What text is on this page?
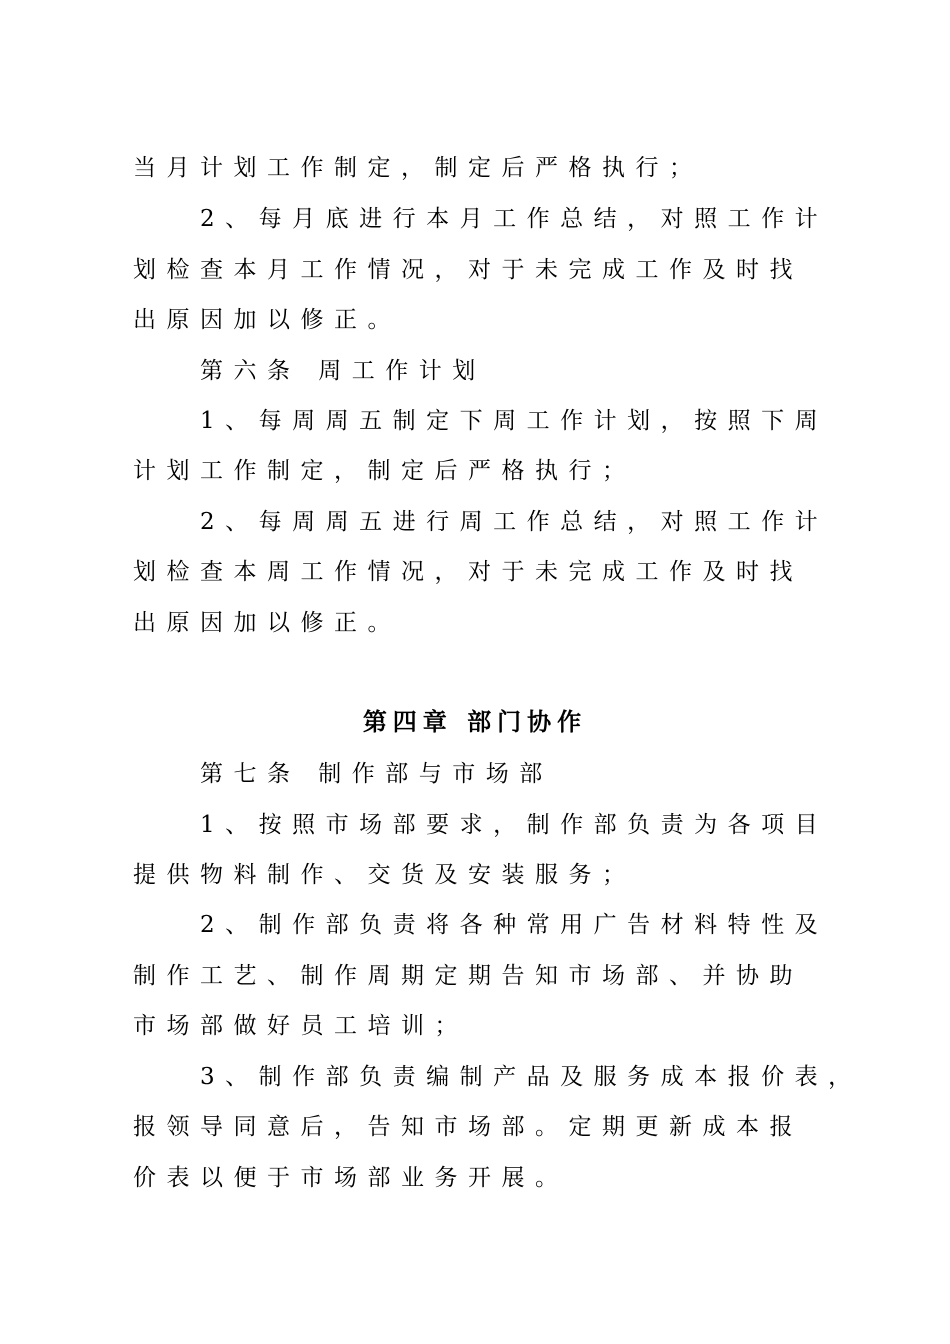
当月计划工作制定，制定后严格执行；
2、每月底进行本月工作总结，对照工作计
划检查本月工作情况，对于未完成工作及时找
出原因加以修正。
第六条 周工作计划
1、每周周五制定下周工作计划，按照下周
计划工作制定，制定后严格执行；
2、每周周五进行周工作总结，对照工作计
划检查本周工作情况，对于未完成工作及时找
出原因加以修正。
第四章 部门协作
第七条 制作部与市场部
1、按照市场部要求，制作部负责为各项目
提供物料制作、交货及安装服务；
2、制作部负责将各种常用广告材料特性及
制作工艺、制作周期定期告知市场部、并协助
市场部做好员工培训；
3、制作部负责编制产品及服务成本报价表，
报领导同意后，告知市场部。定期更新成本报
价表以便于市场部业务开展。
